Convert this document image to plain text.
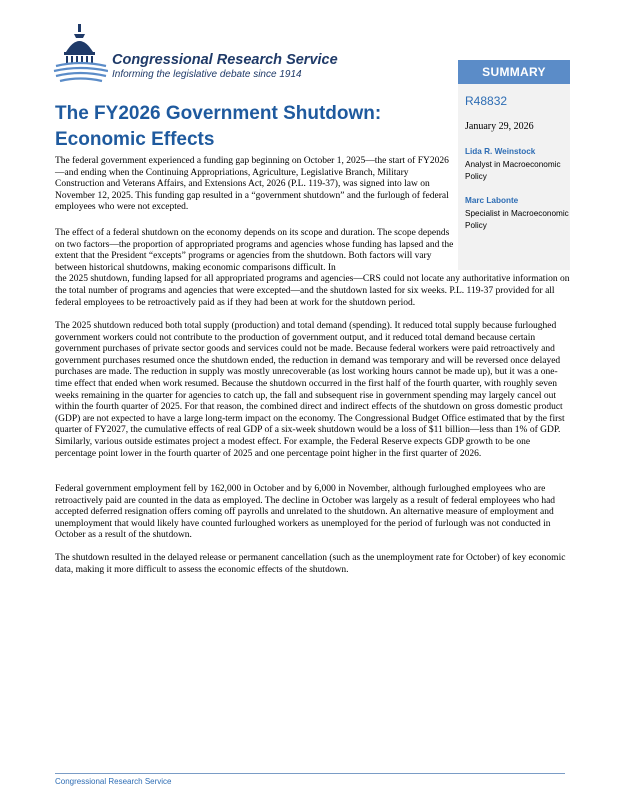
Congressional Research Service
Informing the legislative debate since 1914	SUMMARY
R48832
January 29, 2026
Lida R. Weinstock
Analyst in Macroeconomic Policy
Marc Labonte
Specialist in Macroeconomic Policy
The FY2026 Government Shutdown: Economic Effects

The federal government experienced a funding gap beginning on October 1, 2025—the start of FY2026—and ending when the Continuing Appropriations, Agriculture, Legislative Branch, Military Construction and Veterans Affairs, and Extensions Act, 2026 (P.L. 119-37), was signed into law on November 12, 2025. This funding gap resulted in a “government shutdown” and the furlough of federal employees who were not excepted.

The effect of a federal shutdown on the economy depends on its scope and duration. The scope depends on two factors—the proportion of appropriated programs and agencies whose funding has lapsed and the extent that the President “excepts” programs or agencies from the shutdown. Both factors will vary between historical shutdowns, making economic comparisons difficult. In
the 2025 shutdown, funding lapsed for all appropriated programs and agencies—CRS could not locate any authoritative information on the total number of programs and agencies that were excepted—and the shutdown lasted for six weeks. P.L. 119-37 provided for all federal employees to be retroactively paid as if they had been at work for the shutdown period.

The 2025 shutdown reduced both total supply (production) and total demand (spending). It reduced total supply because furloughed government workers could not contribute to the production of government output, and it reduced total demand because certain government purchases of private sector goods and services could not be made. Because federal workers were paid retroactively and government purchases resumed once the shutdown ended, the reduction in demand was temporary and will be reversed once delayed purchases are made. The reduction in supply was mostly unrecoverable (as lost working hours cannot be made up), but it was a one-time effect that ended when work resumed. Because the shutdown occurred in the first half of the fourth quarter, with roughly seven weeks remaining in the quarter for agencies to catch up, the fall and subsequent rise in government spending may largely cancel out within the fourth quarter of 2025. For that reason, the combined direct and indirect effects of the shutdown on gross domestic product (GDP) are not expected to have a large long-term impact on the economy. The Congressional Budget Office estimated that by the first quarter of FY2027, the cumulative effects of real GDP of a six-week shutdown would be a loss of $11 billion—less than 1% of GDP. Similarly, various outside estimates project a modest effect. For example, the Federal Reserve expects GDP growth to be one percentage point lower in the fourth quarter of 2025 and one percentage point higher in the first quarter of 2026.

Federal government employment fell by 162,000 in October and by 6,000 in November, although furloughed employees who are retroactively paid are counted in the data as employed. The decline in October was largely as a result of federal employees who had accepted deferred resignation offers coming off payrolls and unrelated to the shutdown. An alternative measure of employment and unemployment that would likely have counted furloughed workers as unemployed for the period of furlough was not conducted in October as a result of the shutdown.

The shutdown resulted in the delayed release or permanent cancellation (such as the unemployment rate for October) of key economic data, making it more difficult to assess the economic effects of the shutdown.

Congressional Research Service
